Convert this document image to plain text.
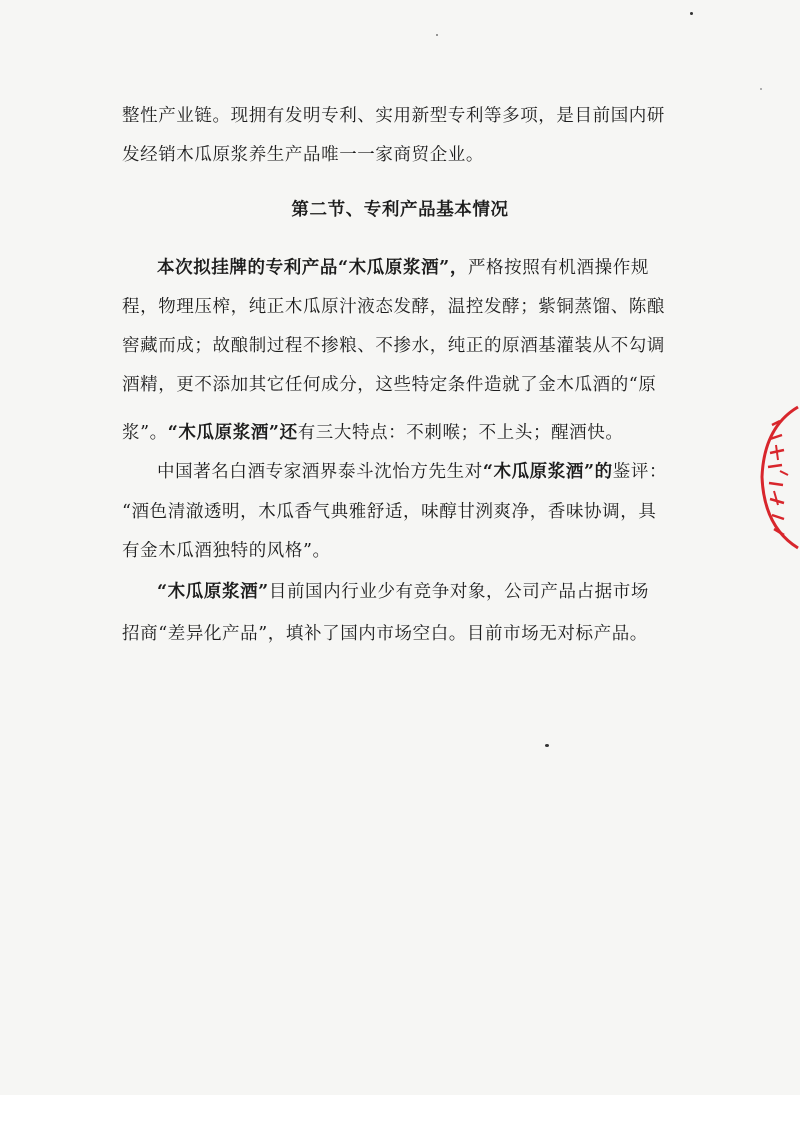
整性产业链。现拥有发明专利、实用新型专利等多项，是目前国内研
发经销木瓜原浆养生产品唯一一家商贸企业。
第二节、专利产品基本情况
本次拟挂牌的专利产品“木瓜原浆酒”，严格按照有机酒操作规
程，物理压榨，纯正木瓜原汁液态发酵，温控发酵；紫铜蒸馏、陈酿
窖藏而成；故酿制过程不掺粮、不掺水，纯正的原酒基灌装从不勾调
酒精，更不添加其它任何成分，这些特定条件造就了金木瓜酒的“原
浆”。“木瓜原浆酒”还有三大特点：不刺喉；不上头；醒酒快。
中国著名白酒专家酒界泰斗沈怡方先生对“木瓜原浆酒”的鉴评：
“酒色清澈透明，木瓜香气典雅舒适，味醇甘洌爽净，香味协调，具
有金木瓜酒独特的风格”。
“木瓜原浆酒”目前国内行业少有竞争对象，公司产品占据市场
招商“差异化产品”，填补了国内市场空白。目前市场无对标产品。
